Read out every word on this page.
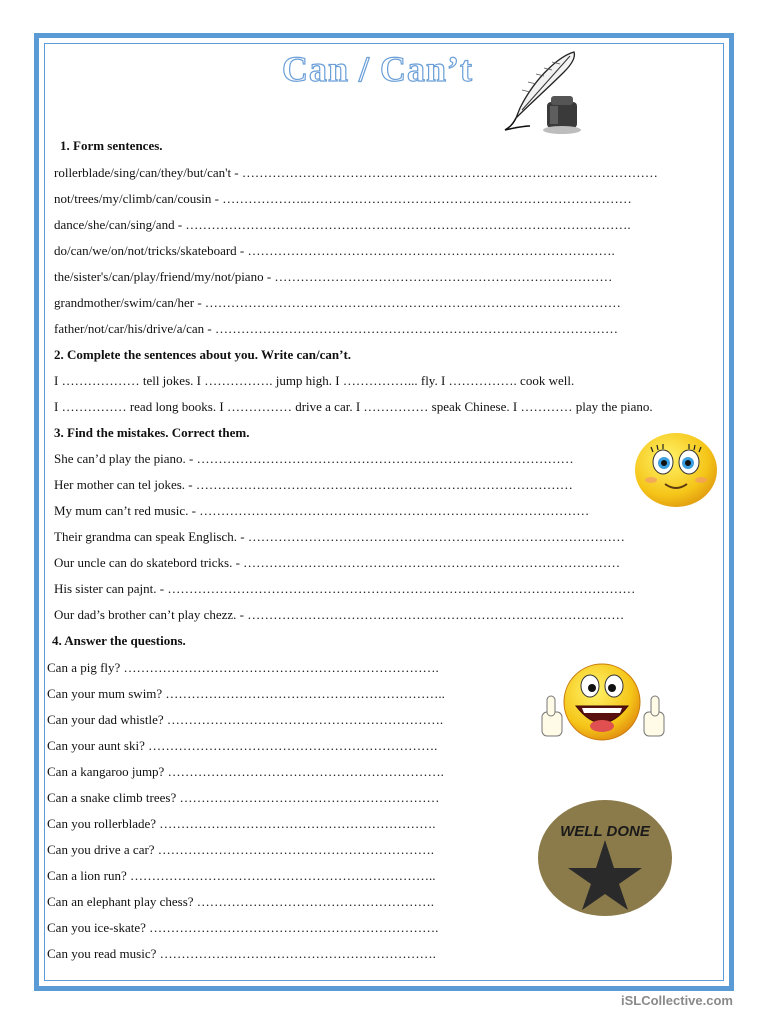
Can / Can’t
1. Form sentences.
rollerblade/sing/can/they/but/can't - ……………………………………………………………………………………
not/trees/my/climb/can/cousin - ………………..…………………………………………………………………
dance/she/can/sing/and - ………………………………………………………………………………………….
do/can/we/on/not/tricks/skateboard - ………………………………………………………………………….
the/sister's/can/play/friend/my/not/piano - ……………………………………………………………………
grandmother/swim/can/her - ……………………………………………………………………………………
father/not/car/his/drive/a/can - …………………………………………………………………………………
2. Complete the sentences about you. Write can/can’t.
I ……………… tell jokes. I ……………. jump high. I ……………... fly. I ……………. cook well.
I …………… read long books. I …………… drive a car. I …………… speak Chinese. I ………… play the piano.
3. Find the mistakes. Correct them.
She can’d play the piano. - ……………………………………………………………………………
Her mother can tel jokes. - ……………………………………………………………………………
My mum can’t red music. - ………………………………………………………………………………
Their grandma can speak Englisch. - ……………………………………………………………………………
Our uncle can do skatebord tricks. - ……………………………………………………………………………
His sister can pajnt. - ………………………………………………………………………………………………
Our dad’s brother can’t play chezz. - ……………………………………………………………………………
4. Answer the questions.
Can a pig fly? ……………………………………………………………….
Can your mum swim? ………………………………………………………..
Can your dad whistle? ……………………………………………………….
Can your aunt ski? ………………………………………………………….
Can a kangaroo jump? ……………………………………………………….
Can a snake climb trees? ……………………………………………………
Can you rollerblade? ……………………………………………………….
Can you drive a car? ……………………………………………………….
Can a lion run? ……………………………………………………………..
Can an elephant play chess? ……………………………………………….
Can you ice-skate? ………………………………………………………….
Can you read music? ……………………………………………………….
WELL DONE
iSLCollective.com
